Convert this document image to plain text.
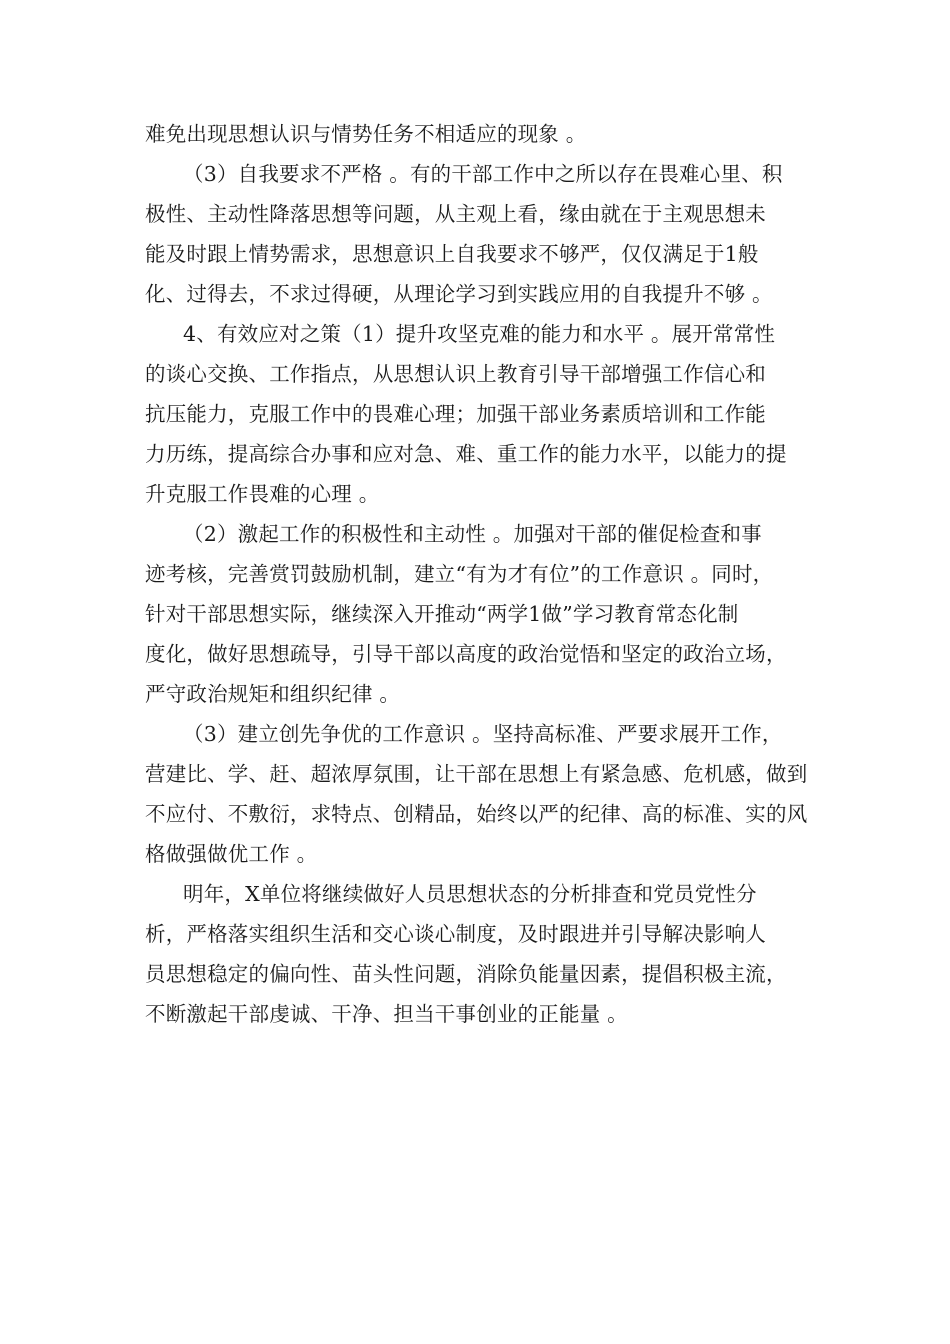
难免出现思想认识与情势任务不相适应的现象 。
（3）自我要求不严格 。有的干部工作中之所以存在畏难心里、积
极性、主动性降落思想等问题，从主观上看，缘由就在于主观思想未
能及时跟上情势需求，思想意识上自我要求不够严，仅仅满足于1般
化、过得去，不求过得硬，从理论学习到实践应用的自我提升不够 。
4、有效应对之策（1）提升攻坚克难的能力和水平 。展开常常性
的谈心交换、工作指点，从思想认识上教育引导干部增强工作信心和
抗压能力，克服工作中的畏难心理；加强干部业务素质培训和工作能
力历练，提高综合办事和应对急、难、重工作的能力水平，以能力的提
升克服工作畏难的心理 。
（2）激起工作的积极性和主动性 。加强对干部的催促检查和事
迹考核，完善赏罚鼓励机制，建立“有为才有位”的工作意识 。同时，
针对干部思想实际，继续深入开推动“两学1做”学习教育常态化制
度化，做好思想疏导，引导干部以高度的政治觉悟和坚定的政治立场，
严守政治规矩和组织纪律 。
（3）建立创先争优的工作意识 。坚持高标准、严要求展开工作，
营建比、学、赶、超浓厚氛围，让干部在思想上有紧急感、危机感，做到
不应付、不敷衍，求特点、创精品，始终以严的纪律、高的标准、实的风
格做强做优工作 。
明年，X单位将继续做好人员思想状态的分析排查和党员党性分
析，严格落实组织生活和交心谈心制度，及时跟进并引导解决影响人
员思想稳定的偏向性、苗头性问题，消除负能量因素，提倡积极主流，
不断激起干部虔诚、干净、担当干事创业的正能量 。
